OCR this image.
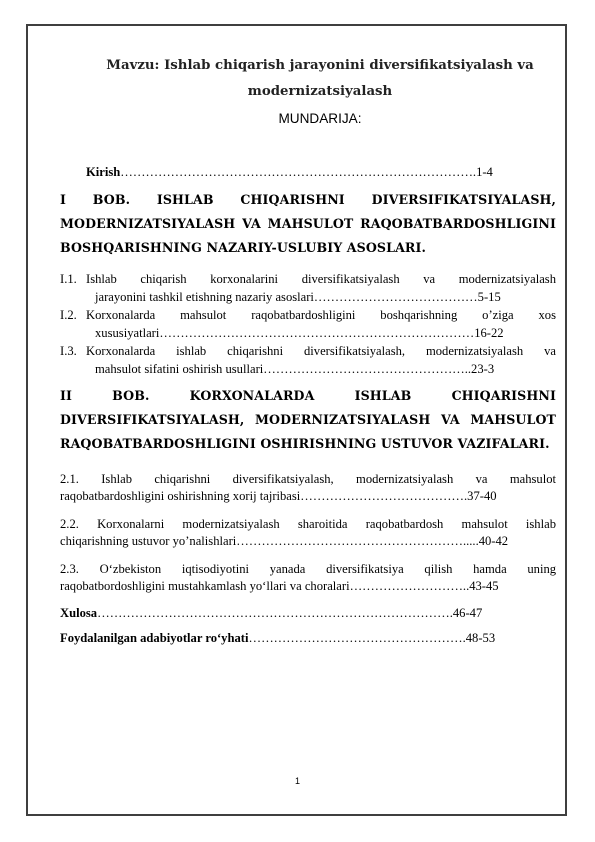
Mavzu: Ishlab chiqarish jarayonini diversifikatsiyalash va
modernizatsiyalash
MUNDARIJA:
Kirish………………………………………………………………………….1-4
I BOB. ISHLAB CHIQARISHNI DIVERSIFIKATSIYALASH,
MODERNIZATSIYALASH VA MAHSULOT RAQOBATBARDOSHLIGINI
BOSHQARISHNING NAZARIY-USLUBIY ASOSLARI.
I.1. Ishlab chiqarish korxonalarini diversifikatsiyalash va modernizatsiyalash
jarayonini tashkil etishning nazariy asoslari…………………………………5-15
I.2. Korxonalarda mahsulot raqobatbardoshligini boshqarishning o’ziga xos
xususiyatlari…………………………………………………………………16-22
I.3. Korxonalarda ishlab chiqarishni diversifikatsiyalash, modernizatsiyalash va
mahsulot sifatini oshirish usullari…………………………………………..23-3
II	BOB.	KORXONALARDA	ISHLAB	CHIQARISHNI
DIVERSIFIKATSIYALASH, MODERNIZATSIYALASH VA MAHSULOT
RAQOBATBARDOSHLIGINI OSHIRISHNING USTUVOR VAZIFALARI.
2.1. Ishlab chiqarishni diversifikatsiyalash, modernizatsiyalash va mahsulot
raqobatbardoshligini oshirishning xorij tajribasi………………………………….37-40
2.2. Korxonalarni modernizatsiyalash sharoitida raqobatbardosh mahsulot ishlab
chiqarishning ustuvor yo’nalishlari……………………………………………….....40-42
2.3. O‘zbekiston iqtisodiyotini yanada diversifikatsiya qilish hamda uning
raqobatbordoshligini mustahkamlash yo‘llari va choralari………………………..43-45
Xulosa………………………………………………………………………….46-47
Foydalanilgan adabiyotlar ro‘yhati…………………………………………….48-53
1
